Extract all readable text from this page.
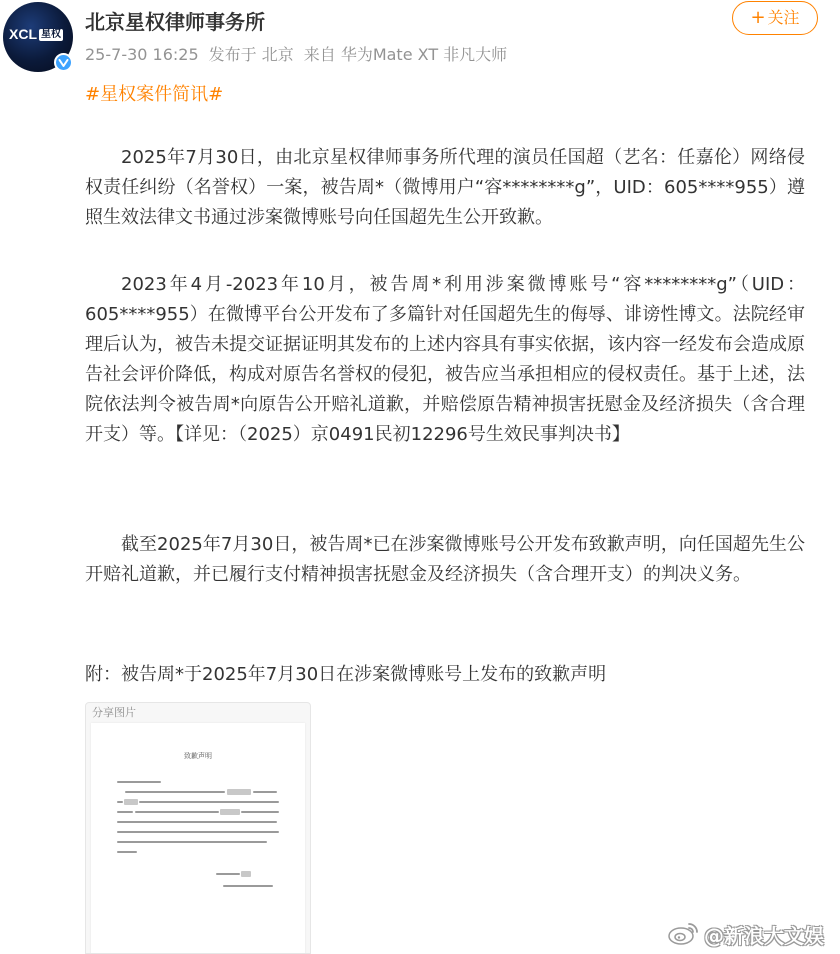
XCL 星权
北京星权律师事务所
25-7-30 16:25 发布于 北京 来自 华为Mate XT 非凡大师
+ 关注
#星权案件简讯#
2025年7月30日，由北京星权律师事务所代理的演员任国超（艺名：任嘉伦）网络侵权责任纠纷（名誉权）一案，被告周*（微博用户“容********g”，UID：605****955）遵照生效法律文书通过涉案微博账号向任国超先生公开致歉。
2023年4月-2023年10月，被告周*利用涉案微博账号“容********g”（UID：605****955）在微博平台公开发布了多篇针对任国超先生的侮辱、诽谤性博文。法院经审理后认为，被告未提交证据证明其发布的上述内容具有事实依据，该内容一经发布会造成原告社会评价降低，构成对原告名誉权的侵犯，被告应当承担相应的侵权责任。基于上述，法院依法判令被告周*向原告公开赔礼道歉，并赔偿原告精神损害抚慰金及经济损失（含合理开支）等。【详见：（2025）京0491民初12296号生效民事判决书】
截至2025年7月30日，被告周*已在涉案微博账号公开发布致歉声明，向任国超先生公开赔礼道歉，并已履行支付精神损害抚慰金及经济损失（含合理开支）的判决义务。
附：被告周*于2025年7月30日在涉案微博账号上发布的致歉声明
分享图片
致歉声明
@新浪大文娱
